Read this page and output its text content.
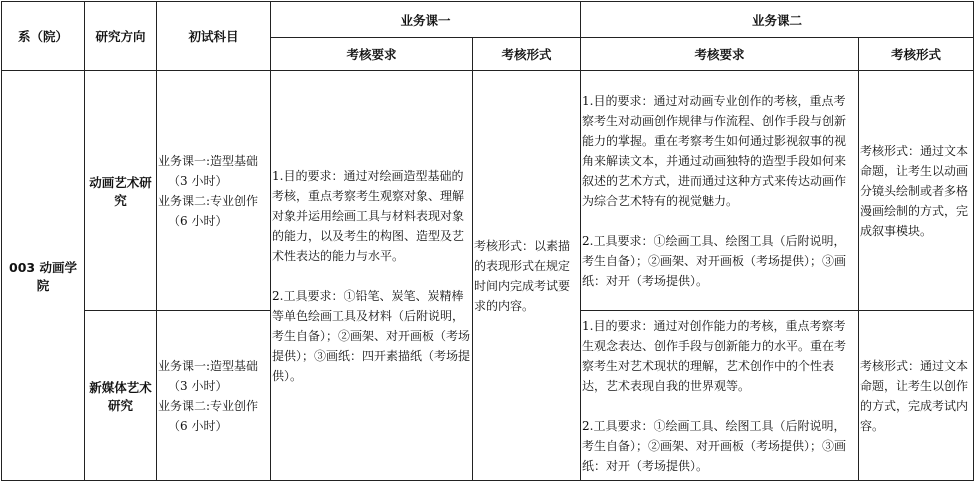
系（院）	研究方向	初试科目	业务课一		业务课二	
			考核要求	考核形式	考核要求	考核形式
003 动画学院	动画艺术研究	业务课一:造型基础
（3 小时）
业务课二:专业创作
（6 小时）	1.目的要求：通过对绘画造型基础的考核，重点考察考生观察对象、理解对象并运用绘画工具与材料表现对象的能力，以及考生的构图、造型及艺术性表达的能力与水平。

2.工具要求：①铅笔、炭笔、炭精棒等单色绘画工具及材料（后附说明，考生自备）；②画架、对开画板（考场提供）；③画纸：四开素描纸（考场提供）。	考核形式：以素描的表现形式在规定时间内完成考试要求的内容。	1.目的要求：通过对动画专业创作的考核，重点考察考生对动画创作规律与作流程、创作手段与创新能力的掌握。重在考察考生如何通过影视叙事的视角来解读文本，并通过动画独特的造型手段如何来叙述的艺术方式，进而通过这种方式来传达动画作为综合艺术特有的视觉魅力。

2.工具要求：①绘画工具、绘图工具（后附说明，考生自备）；②画架、对开画板（考场提供）；③画纸：对开（考场提供）。	考核形式：通过文本命题，让考生以动画分镜头绘制或者多格漫画绘制的方式，完成叙事模块。
	新媒体艺术研究	业务课一:造型基础
（3 小时）
业务课二:专业创作
（6 小时）			1.目的要求：通过对创作能力的考核，重点考察考生观念表达、创作手段与创新能力的水平。重在考察考生对艺术现状的理解，艺术创作中的个性表达，艺术表现自我的世界观等。

2.工具要求：①绘画工具、绘图工具（后附说明，考生自备）；②画架、对开画板（考场提供）；③画纸：对开（考场提供）。	考核形式：通过文本命题，让考生以创作的方式，完成考试内容。
